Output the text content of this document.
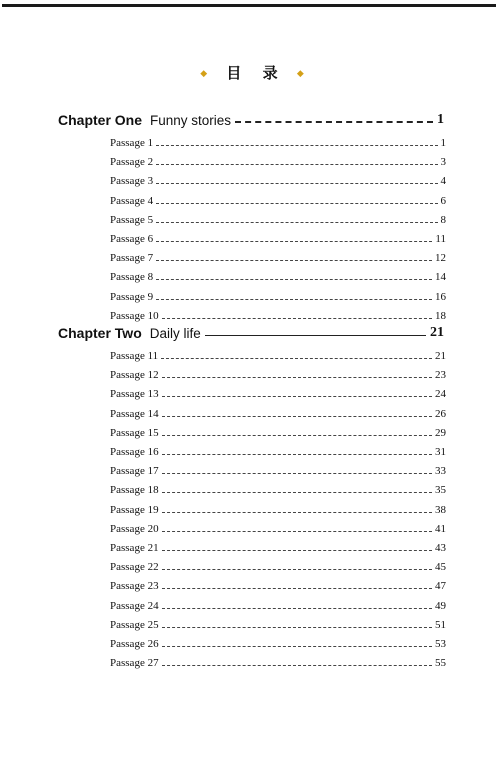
◆ 目 录 ◆
Chapter One Funny stories	1
Passage 1	1
Passage 2	3
Passage 3	4
Passage 4	6
Passage 5	8
Passage 6	11
Passage 7	12
Passage 8	14
Passage 9	16
Passage 10	18
Chapter Two Daily life	21
Passage 11	21
Passage 12	23
Passage 13	24
Passage 14	26
Passage 15	29
Passage 16	31
Passage 17	33
Passage 18	35
Passage 19	38
Passage 20	41
Passage 21	43
Passage 22	45
Passage 23	47
Passage 24	49
Passage 25	51
Passage 26	53
Passage 27	55
